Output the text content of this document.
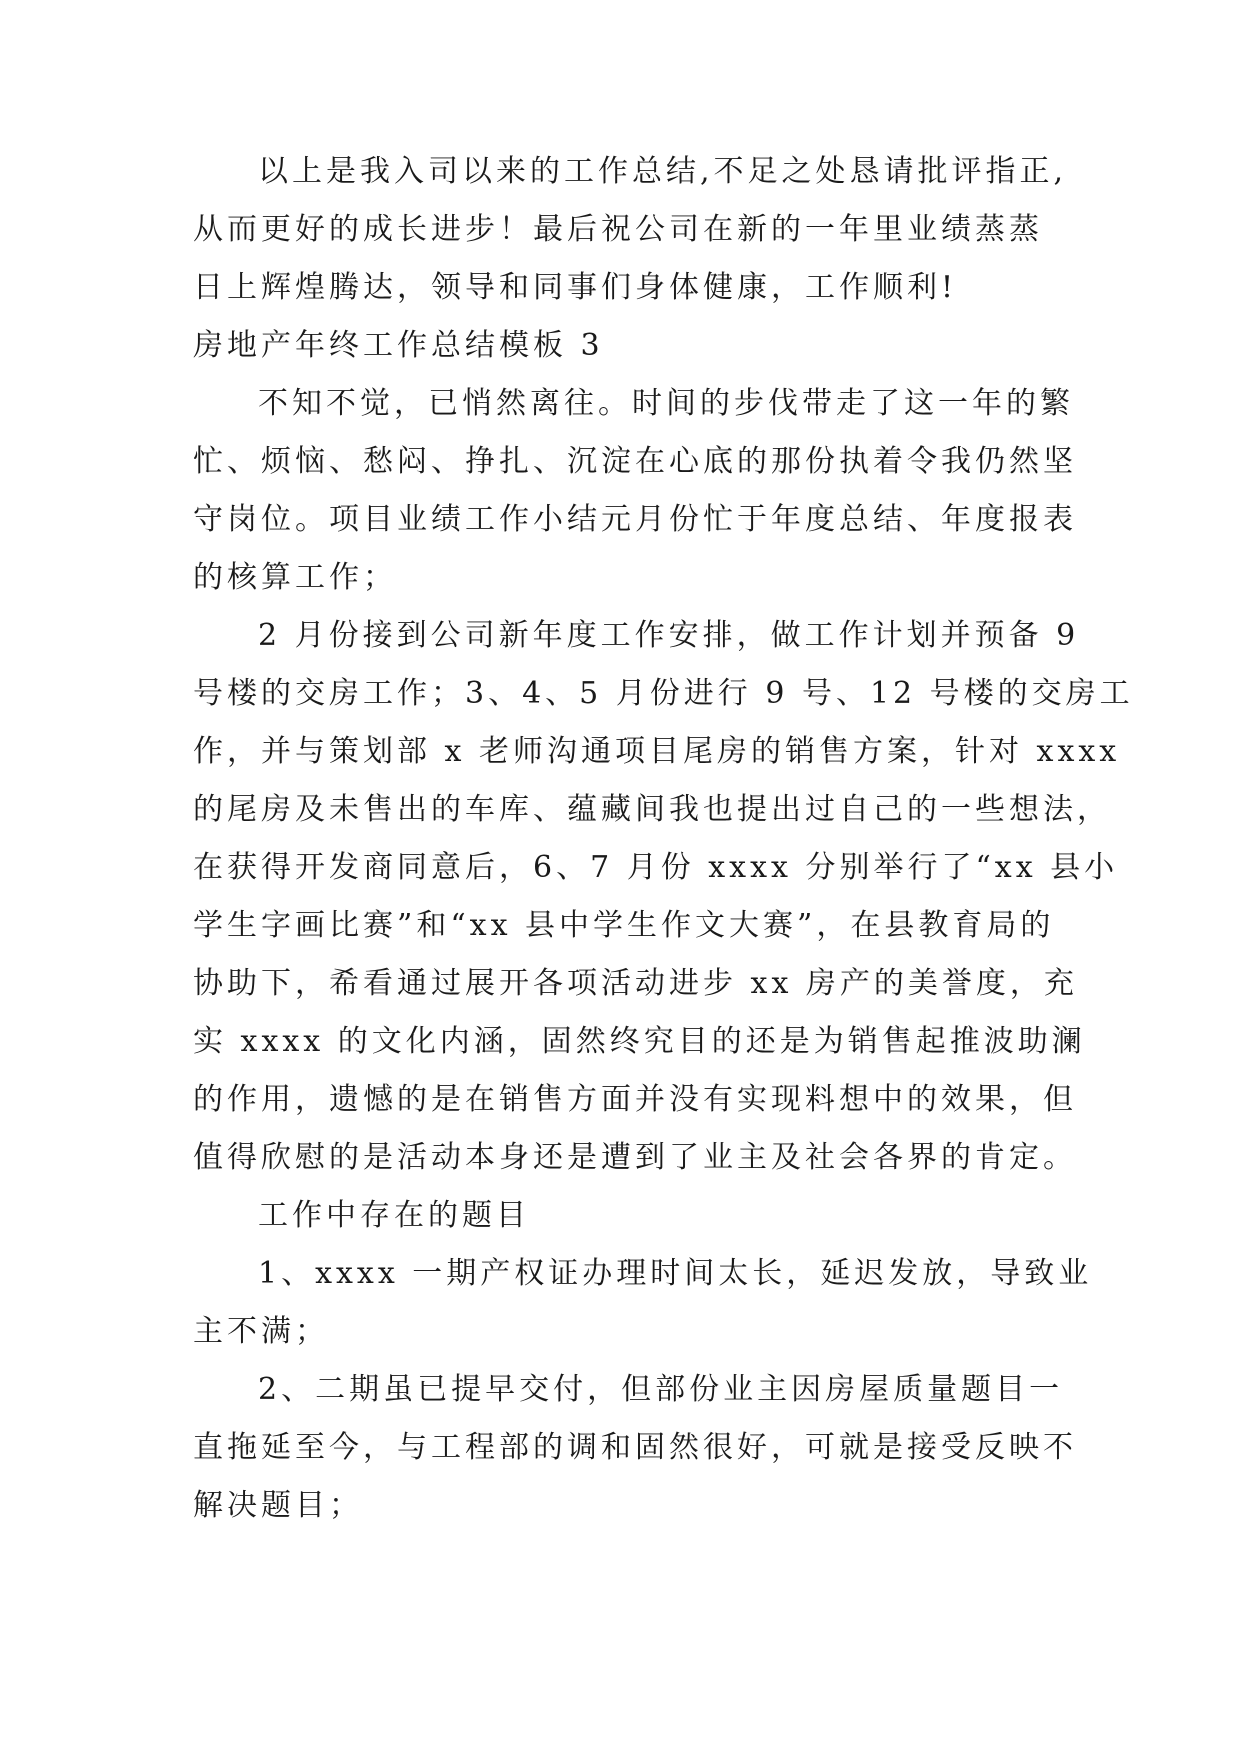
以上是我入司以来的工作总结,不足之处恳请批评指正,
从而更好的成长进步！最后祝公司在新的一年里业绩蒸蒸
日上辉煌腾达，领导和同事们身体健康，工作顺利!
房地产年终工作总结模板 3
不知不觉，已悄然离往。时间的步伐带走了这一年的繁
忙、烦恼、愁闷、挣扎、沉淀在心底的那份执着令我仍然坚
守岗位。项目业绩工作小结元月份忙于年度总结、年度报表
的核算工作；
2 月份接到公司新年度工作安排，做工作计划并预备 9
号楼的交房工作；3、4、5 月份进行 9 号、12 号楼的交房工
作，并与策划部 x 老师沟通项目尾房的销售方案，针对 xxxx
的尾房及未售出的车库、蕴藏间我也提出过自己的一些想法，
在获得开发商同意后，6、7 月份 xxxx 分别举行了“xx 县小
学生字画比赛”和“xx 县中学生作文大赛”，在县教育局的
协助下，希看通过展开各项活动进步 xx 房产的美誉度，充
实 xxxx 的文化内涵，固然终究目的还是为销售起推波助澜
的作用，遗憾的是在销售方面并没有实现料想中的效果，但
值得欣慰的是活动本身还是遭到了业主及社会各界的肯定。
工作中存在的题目
1、xxxx 一期产权证办理时间太长，延迟发放，导致业
主不满；
2、二期虽已提早交付，但部份业主因房屋质量题目一
直拖延至今，与工程部的调和固然很好，可就是接受反映不
解决题目；
